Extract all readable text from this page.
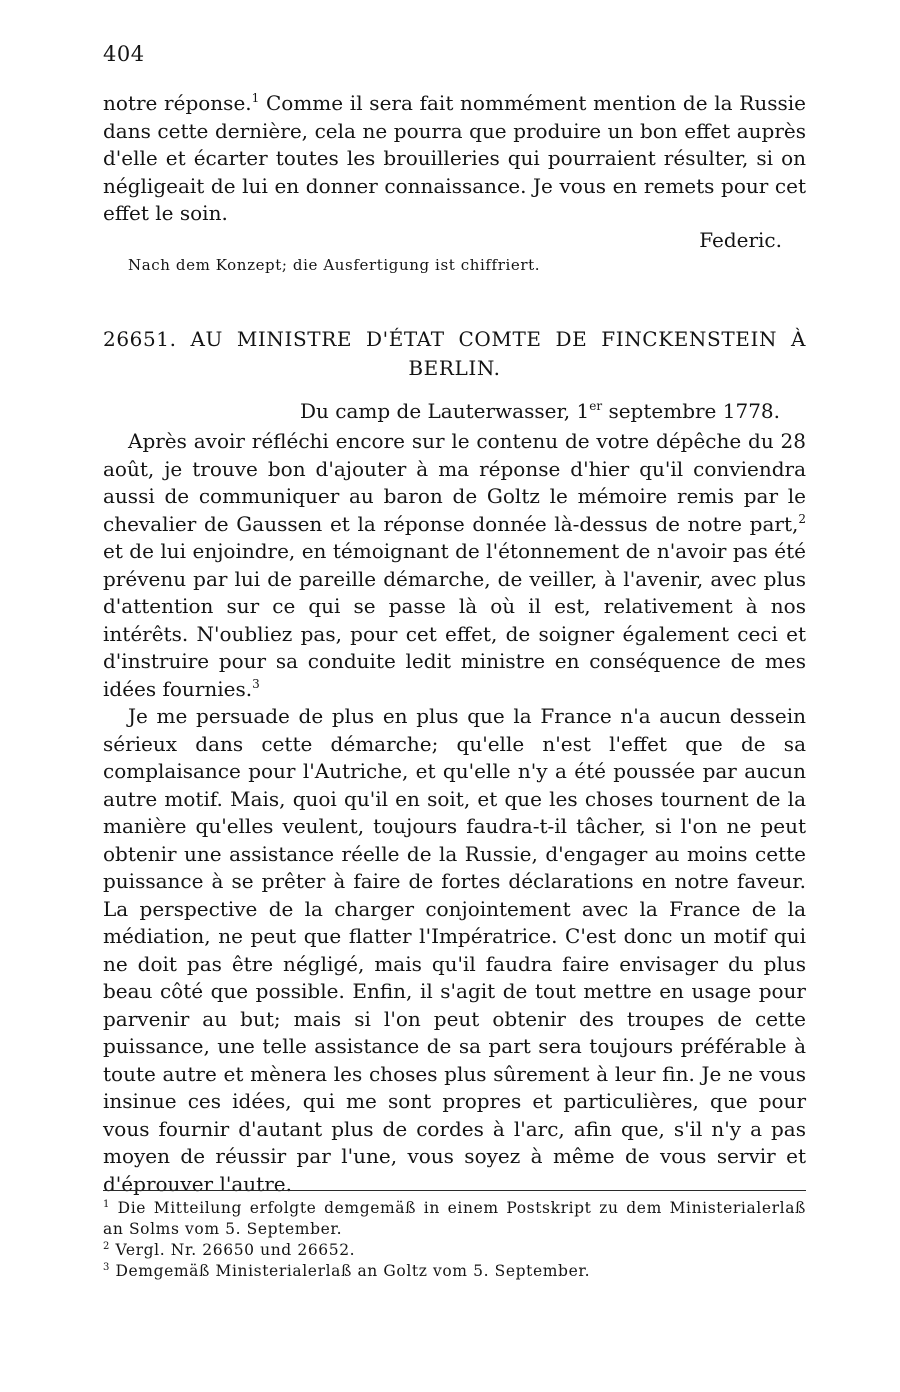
404

notre réponse.$^1$ Comme il sera fait nommément mention de la Russie dans cette dernière, cela ne pourra que produire un bon effet auprès d'elle et écarter toutes les brouilleries qui pourraient résulter, si on négligeait de lui en donner connaissance. Je vous en remets pour cet effet le soin.

Federic.
Nach dem Konzept; die Ausfertigung ist chiffriert.
26651. AU MINISTRE D'ÉTAT COMTE DE FINCKENSTEIN À
BERLIN.
Du camp de Lauterwasser, 1er septembre 1778.

Après avoir réfléchi encore sur le contenu de votre dépêche du 28 août, je trouve bon d'ajouter à ma réponse d'hier qu'il conviendra aussi de communiquer au baron de Goltz le mémoire remis par le chevalier de Gaussen et la réponse donnée là-dessus de notre part,$^2$ et de lui enjoindre, en témoignant de l'étonnement de n'avoir pas été prévenu par lui de pareille démarche, de veiller, à l'avenir, avec plus d'attention sur ce qui se passe là où il est, relativement à nos intérêts. N'oubliez pas, pour cet effet, de soigner également ceci et d'instruire pour sa conduite ledit ministre en conséquence de mes idées fournies.$^3$

Je me persuade de plus en plus que la France n'a aucun dessein sérieux dans cette démarche; qu'elle n'est l'effet que de sa complaisance pour l'Autriche, et qu'elle n'y a été poussée par aucun autre motif. Mais, quoi qu'il en soit, et que les choses tournent de la manière qu'elles veulent, toujours faudra-t-il tâcher, si l'on ne peut obtenir une assistance réelle de la Russie, d'engager au moins cette puissance à se prêter à faire de fortes déclarations en notre faveur. La perspective de la charger conjointement avec la France de la médiation, ne peut que flatter l'Impératrice. C'est donc un motif qui ne doit pas être négligé, mais qu'il faudra faire envisager du plus beau côté que possible. Enfin, il s'agit de tout mettre en usage pour parvenir au but; mais si l'on peut obtenir des troupes de cette puissance, une telle assistance de sa part sera toujours préférable à toute autre et mènera les choses plus sûrement à leur fin. Je ne vous insinue ces idées, qui me sont propres et particulières, que pour vous fournir d'autant plus de cordes à l'arc, afin que, s'il n'y a pas moyen de réussir par l'une, vous soyez à même de vous servir et d'éprouver l'autre.

$^1$ Die Mitteilung erfolgte demgemäß in einem Postskript zu dem Ministerialerlaß an Solms vom 5. September.

$^2$ Vergl. Nr. 26650 und 26652.

$^3$ Demgemäß Ministerialerlaß an Goltz vom 5. September.
